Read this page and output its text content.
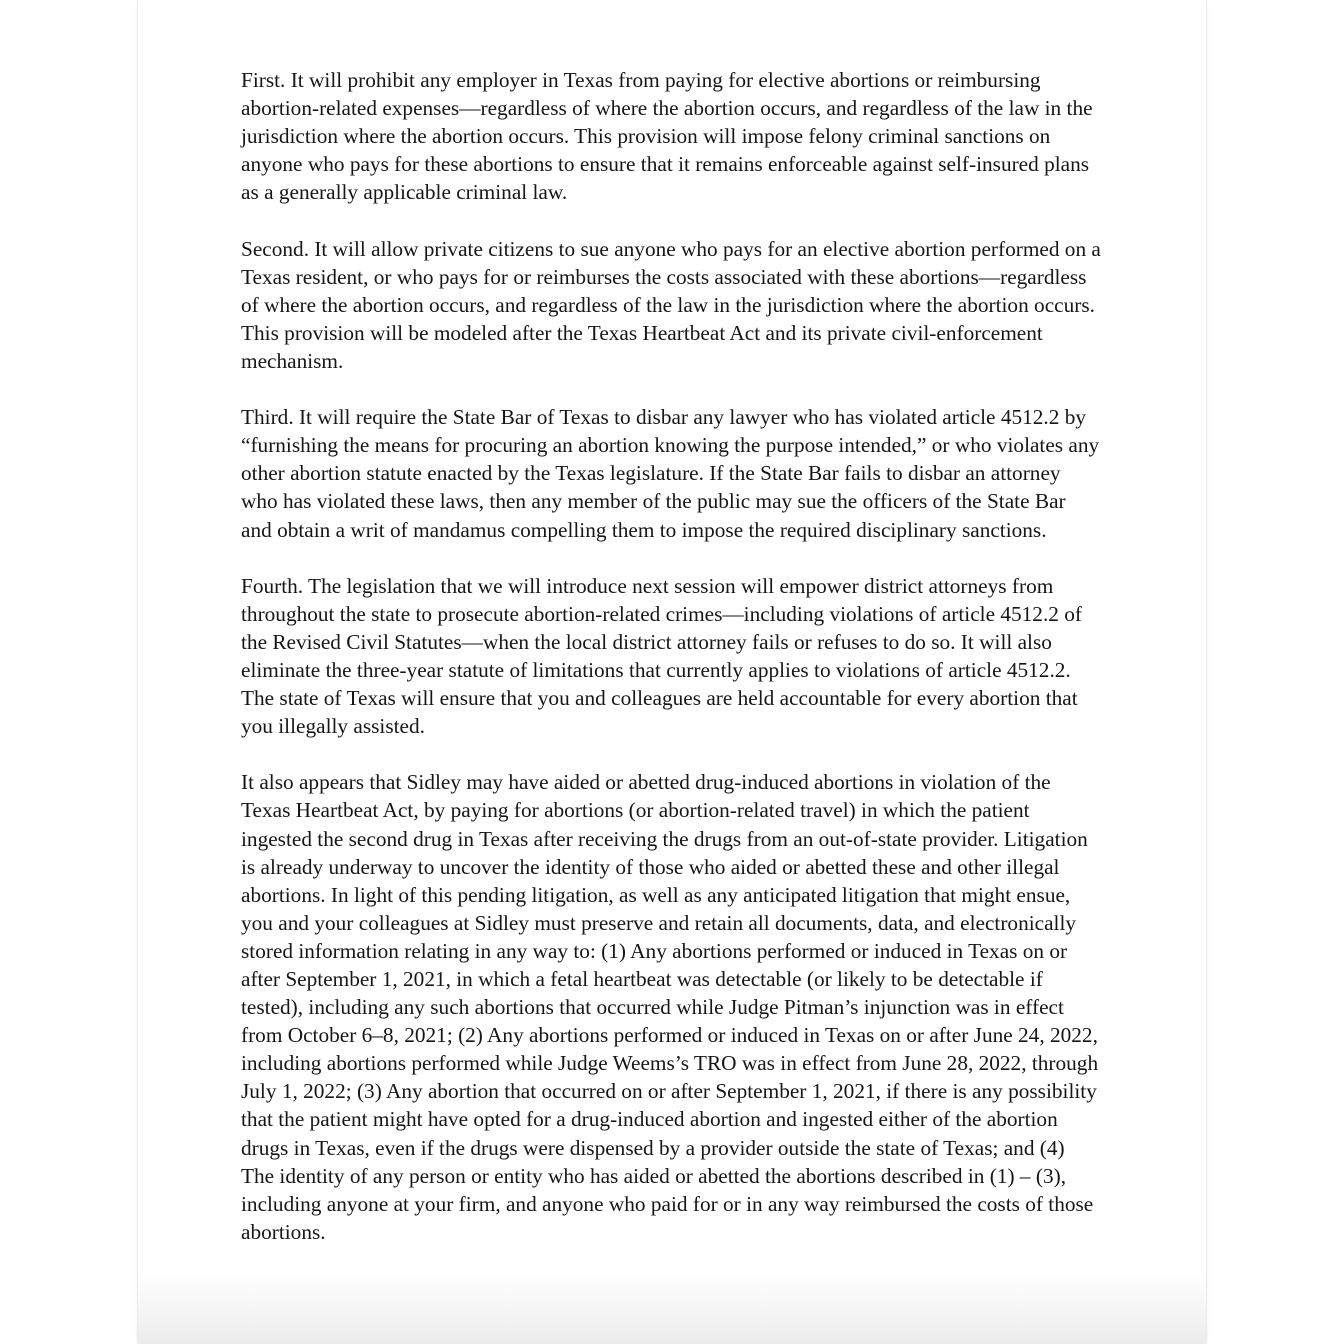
First. It will prohibit any employer in Texas from paying for elective abortions or reimbursing abortion-related expenses—regardless of where the abortion occurs, and regardless of the law in the jurisdiction where the abortion occurs. This provision will impose felony criminal sanctions on anyone who pays for these abortions to ensure that it remains enforceable against self-insured plans as a generally applicable criminal law.

Second. It will allow private citizens to sue anyone who pays for an elective abortion performed on a Texas resident, or who pays for or reimburses the costs associated with these abortions—regardless of where the abortion occurs, and regardless of the law in the jurisdiction where the abortion occurs. This provision will be modeled after the Texas Heartbeat Act and its private civil-enforcement mechanism.

Third. It will require the State Bar of Texas to disbar any lawyer who has violated article 4512.2 by “furnishing the means for procuring an abortion knowing the purpose intended,” or who violates any other abortion statute enacted by the Texas legislature. If the State Bar fails to disbar an attorney who has violated these laws, then any member of the public may sue the officers of the State Bar and obtain a writ of mandamus compelling them to impose the required disciplinary sanctions.

Fourth. The legislation that we will introduce next session will empower district attorneys from throughout the state to prosecute abortion-related crimes—including violations of article 4512.2 of the Revised Civil Statutes—when the local district attorney fails or refuses to do so. It will also eliminate the three-year statute of limitations that currently applies to violations of article 4512.2. The state of Texas will ensure that you and colleagues are held accountable for every abortion that you illegally assisted.

It also appears that Sidley may have aided or abetted drug-induced abortions in violation of the Texas Heartbeat Act, by paying for abortions (or abortion-related travel) in which the patient ingested the second drug in Texas after receiving the drugs from an out-of-state provider. Litigation is already underway to uncover the identity of those who aided or abetted these and other illegal abortions. In light of this pending litigation, as well as any anticipated litigation that might ensue, you and your colleagues at Sidley must preserve and retain all documents, data, and electronically stored information relating in any way to: (1) Any abortions performed or induced in Texas on or after September 1, 2021, in which a fetal heartbeat was detectable (or likely to be detectable if tested), including any such abortions that occurred while Judge Pitman’s injunction was in effect from October 6–8, 2021; (2) Any abortions performed or induced in Texas on or after June 24, 2022, including abortions performed while Judge Weems’s TRO was in effect from June 28, 2022, through July 1, 2022; (3) Any abortion that occurred on or after September 1, 2021, if there is any possibility that the patient might have opted for a drug-induced abortion and ingested either of the abortion drugs in Texas, even if the drugs were dispensed by a provider outside the state of Texas; and (4) The identity of any person or entity who has aided or abetted the abortions described in (1) – (3), including anyone at your firm, and anyone who paid for or in any way reimbursed the costs of those abortions.
